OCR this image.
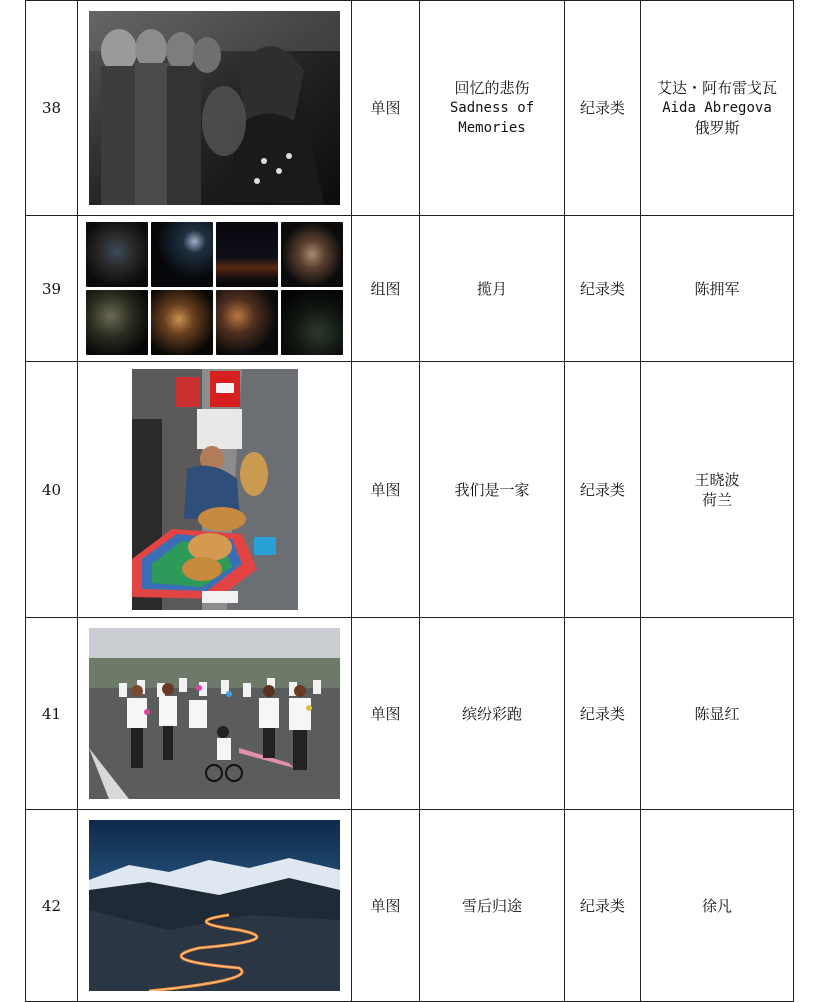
38		单图	回忆的悲伤
Sadness of
Memories	纪录类	艾达・阿布雷戈瓦
Aida Abregova
俄罗斯

39		组图	揽月	纪录类	陈拥军

40		单图	我们是一家	纪录类	王晓波
荷兰

41		单图	缤纷彩跑	纪录类	陈显红

42		单图	雪后归途	纪录类	徐凡
